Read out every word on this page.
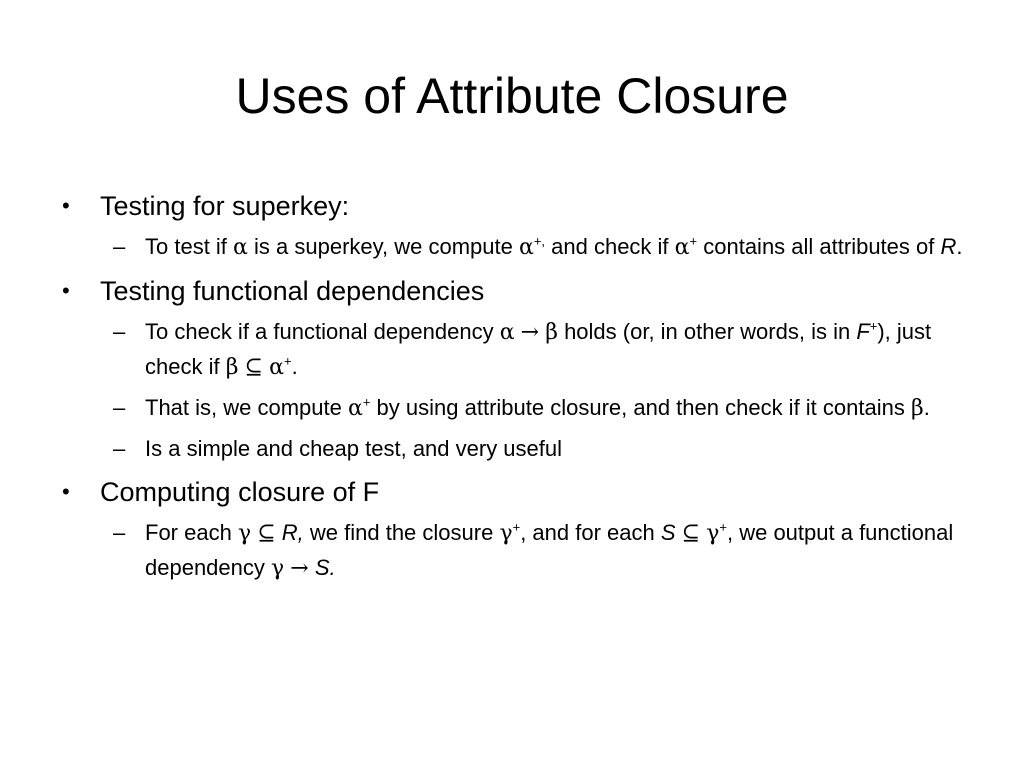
Uses of Attribute Closure
•	Testing for superkey:
– To test if α is a superkey, we compute α+, and check if α+ contains all attributes of R.
•	Testing functional dependencies
– To check if a functional dependency α → β holds (or, in other words, is in F+), just check if β ⊆ α+.
– That is, we compute α+ by using attribute closure, and then check if it contains β.
– Is a simple and cheap test, and very useful
•	Computing closure of F
– For each γ ⊆ R, we find the closure γ+, and for each S ⊆ γ+, we output a functional dependency γ → S.
